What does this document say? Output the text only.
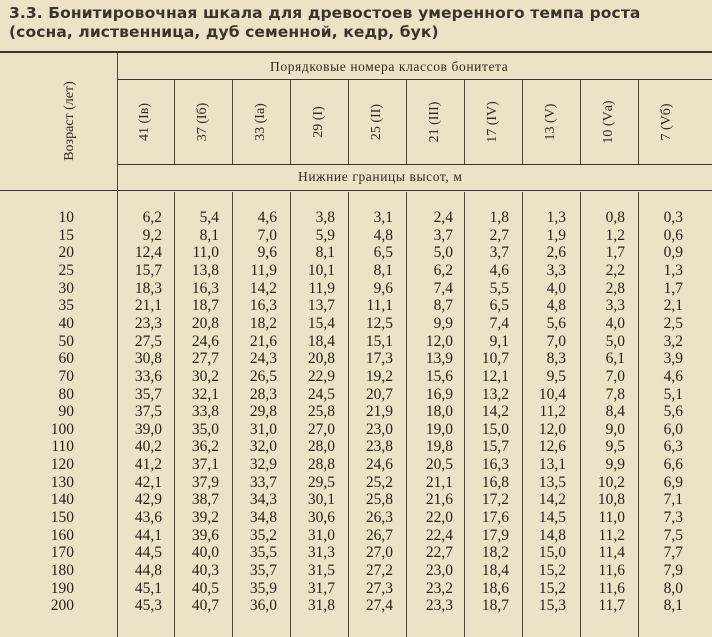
3.3. Бонитировочная шкала для древостоев умеренного темпа роста
(сосна, лиственница, дуб семенной, кедр, бук)
Возраст (лет)
Порядковые номера классов бонитета
41 (Iв)	37 (Iб)	33 (Iа)	29 (I)	25 (II)	21 (III)	17 (IV)	13 (V)	10 (Vа)	7 (Vб)
Нижние границы высот, м
10	6,2	5,4	4,6	3,8	3,1	2,4	1,8	1,3	0,8	0,3
15	9,2	8,1	7,0	5,9	4,8	3,7	2,7	1,9	1,2	0,6
20	12,4	11,0	9,6	8,1	6,5	5,0	3,7	2,6	1,7	0,9
25	15,7	13,8	11,9	10,1	8,1	6,2	4,6	3,3	2,2	1,3
30	18,3	16,3	14,2	11,9	9,6	7,4	5,5	4,0	2,8	1,7
35	21,1	18,7	16,3	13,7	11,1	8,7	6,5	4,8	3,3	2,1
40	23,3	20,8	18,2	15,4	12,5	9,9	7,4	5,6	4,0	2,5
50	27,5	24,6	21,6	18,4	15,1	12,0	9,1	7,0	5,0	3,2
60	30,8	27,7	24,3	20,8	17,3	13,9	10,7	8,3	6,1	3,9
70	33,6	30,2	26,5	22,9	19,2	15,6	12,1	9,5	7,0	4,6
80	35,7	32,1	28,3	24,5	20,7	16,9	13,2	10,4	7,8	5,1
90	37,5	33,8	29,8	25,8	21,9	18,0	14,2	11,2	8,4	5,6
100	39,0	35,0	31,0	27,0	23,0	19,0	15,0	12,0	9,0	6,0
110	40,2	36,2	32,0	28,0	23,8	19,8	15,7	12,6	9,5	6,3
120	41,2	37,1	32,9	28,8	24,6	20,5	16,3	13,1	9,9	6,6
130	42,1	37,9	33,7	29,5	25,2	21,1	16,8	13,5	10,2	6,9
140	42,9	38,7	34,3	30,1	25,8	21,6	17,2	14,2	10,8	7,1
150	43,6	39,2	34,8	30,6	26,3	22,0	17,6	14,5	11,0	7,3
160	44,1	39,6	35,2	31,0	26,7	22,4	17,9	14,8	11,2	7,5
170	44,5	40,0	35,5	31,3	27,0	22,7	18,2	15,0	11,4	7,7
180	44,8	40,3	35,7	31,5	27,2	23,0	18,4	15,2	11,6	7,9
190	45,1	40,5	35,9	31,7	27,3	23,2	18,6	15,2	11,6	8,0
200	45,3	40,7	36,0	31,8	27,4	23,3	18,7	15,3	11,7	8,1
